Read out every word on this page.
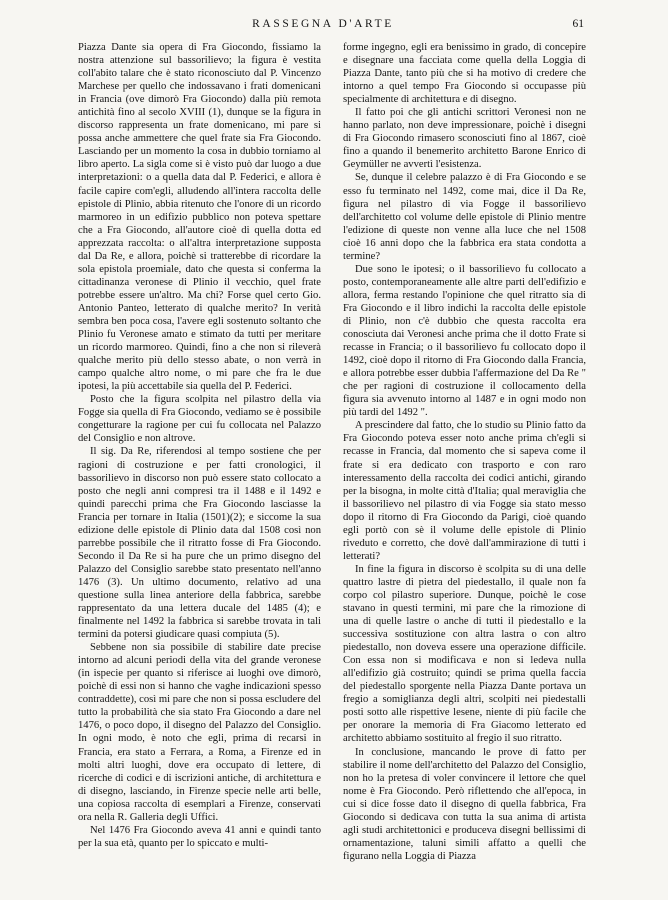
RASSEGNA D'ARTE	61

Piazza Dante sia opera di Fra Giocondo, fissiamo la nostra attenzione sul bassorilievo; la figura è vestita coll'abito talare che è stato riconosciuto dal P. Vincenzo Marchese per quello che indossavano i frati domenicani in Francia (ove dimorò Fra Giocondo) dalla più remota antichità fino al secolo XVIII (1), dunque se la figura in discorso rappresenta un frate domenicano, mi pare si possa anche ammettere che quel frate sia Fra Giocondo. Lasciando per un momento la cosa in dubbio torniamo al libro aperto. La sigla come si è visto può dar luogo a due interpretazioni: o a quella data dal P. Federici, e allora è facile capire com'egli, alludendo all'intera raccolta delle epistole di Plinio, abbia ritenuto che l'onore di un ricordo marmoreo in un edifizio pubblico non poteva spettare che a Fra Giocondo, all'autore cioè di quella dotta ed apprezzata raccolta: o all'altra interpretazione supposta dal Da Re, e allora, poichè si tratterebbe di ricordare la sola epistola proemiale, dato che questa si conferma la cittadinanza veronese di Plinio il vecchio, quel frate potrebbe essere un'altro. Ma chi? Forse quel certo Gio. Antonio Panteo, letterato di qualche merito? In verità sembra ben poca cosa, l'avere egli sostenuto soltanto che Plinio fu Veronese amato e stimato da tutti per meritare un ricordo marmoreo. Quindi, fino a che non si rileverà qualche merito più dello stesso abate, o non verrà in campo qualche altro nome, o mi pare che fra le due ipotesi, la più accettabile sia quella del P. Federici.

Posto che la figura scolpita nel pilastro della via Fogge sia quella di Fra Giocondo, vediamo se è possibile congetturare la ragione per cui fu collocata nel Palazzo del Consiglio e non altrove.

Il sig. Da Re, riferendosi al tempo sostiene che per ragioni di costruzione e per fatti cronologici, il bassorilievo in discorso non può essere stato collocato a posto che negli anni compresi tra il 1488 e il 1492 e quindi parecchi prima che Fra Giocondo lasciasse la Francia per tornare in Italia (1501)(2); e siccome la sua edizione delle epistole di Plinio data dal 1508 così non parrebbe possibile che il ritratto fosse di Fra Giocondo. Secondo il Da Re si ha pure che un primo disegno del Palazzo del Consiglio sarebbe stato presentato nell'anno 1476 (3). Un ultimo documento, relativo ad una questione sulla linea anteriore della fabbrica, sarebbe rappresentato da una lettera ducale del 1485 (4); e finalmente nel 1492 la fabbrica si sarebbe trovata in tali termini da potersi giudicare quasi compiuta (5).

Sebbene non sia possibile di stabilire date precise intorno ad alcuni periodi della vita del grande veronese (in ispecie per quanto si riferisce ai luoghi ove dimorò, poichè di essi non si hanno che vaghe indicazioni spesso contraddette), così mi pare che non si possa escludere del tutto la probabilità che sia stato Fra Giocondo a dare nel 1476, o poco dopo, il disegno del Palazzo del Consiglio. In ogni modo, è noto che egli, prima di recarsi in Francia, era stato a Ferrara, a Roma, a Firenze ed in molti altri luoghi, dove era occupato di lettere, di ricerche di codici e di iscrizioni antiche, di architettura e di disegno, lasciando, in Firenze specie nelle arti belle, una copiosa raccolta di esemplari a Firenze, conservati ora nella R. Galleria degli Uffici.

Nel 1476 Fra Giocondo aveva 41 anni e quindi tanto per la sua età, quanto per lo spiccato e multi-

forme ingegno, egli era benissimo in grado, di concepire e disegnare una facciata come quella della Loggia di Piazza Dante, tanto più che si ha motivo di credere che intorno a quel tempo Fra Giocondo si occupasse più specialmente di architettura e di disegno.

Il fatto poi che gli antichi scrittori Veronesi non ne hanno parlato, non deve impressionare, poichè i disegni di Fra Giocondo rimasero sconosciuti fino al 1867, cioè fino a quando il benemerito architetto Barone Enrico di Geymüller ne avvertì l'esistenza.

Se, dunque il celebre palazzo è di Fra Giocondo e se esso fu terminato nel 1492, come mai, dice il Da Re, figura nel pilastro di via Fogge il bassorilievo dell'architetto col volume delle epistole di Plinio mentre l'edizione di queste non venne alla luce che nel 1508 cioè 16 anni dopo che la fabbrica era stata condotta a termine?

Due sono le ipotesi; o il bassorilievo fu collocato a posto, contemporaneamente alle altre parti dell'edifizio e allora, ferma restando l'opinione che quel ritratto sia di Fra Giocondo e il libro indichi la raccolta delle epistole di Plinio, non c'è dubbio che questa raccolta era conosciuta dai Veronesi anche prima che il dotto Frate si recasse in Francia; o il bassorilievo fu collocato dopo il 1492, cioè dopo il ritorno di Fra Giocondo dalla Francia, e allora potrebbe esser dubbia l'affermazione del Da Re " che per ragioni di costruzione il collocamento della figura sia avvenuto intorno al 1487 e in ogni modo non più tardi del 1492 ".

A prescindere dal fatto, che lo studio su Plinio fatto da Fra Giocondo poteva esser noto anche prima ch'egli si recasse in Francia, dal momento che si sapeva come il frate si era dedicato con trasporto e con raro interessamento della raccolta dei codici antichi, girando per la bisogna, in molte città d'Italia; qual meraviglia che il bassorilievo nel pilastro di via Fogge sia stato messo dopo il ritorno di Fra Giocondo da Parigi, cioè quando egli portò con sè il volume delle epistole di Plinio riveduto e corretto, che dovè dall'ammirazione di tutti i letterati?

In fine la figura in discorso è scolpita su di una delle quattro lastre di pietra del piedestallo, il quale non fa corpo col pilastro superiore. Dunque, poichè le cose stavano in questi termini, mi pare che la rimozione di una di quelle lastre o anche di tutti il piedestallo e la successiva sostituzione con altra lastra o con altro piedestallo, non doveva essere una operazione difficile. Con essa non si modificava e non si ledeva nulla all'edifizio già costruito; quindi se prima quella faccia del piedestallo sporgente nella Piazza Dante portava un fregio a somiglianza degli altri, scolpiti nei piedestalli posti sotto alle rispettive lesene, niente di più facile che per onorare la memoria di Fra Giacomo letterato ed architetto abbiamo sostituito al fregio il suo ritratto.

In conclusione, mancando le prove di fatto per stabilire il nome dell'architetto del Palazzo del Consiglio, non ho la pretesa di voler convincere il lettore che quel nome è Fra Giocondo. Però riflettendo che all'epoca, in cui si dice fosse dato il disegno di quella fabbrica, Fra Giocondo si dedicava con tutta la sua anima di artista agli studi architettonici e produceva disegni bellissimi di ornamentazione, taluni simili affatto a quelli che figurano nella Loggia di Piazza
